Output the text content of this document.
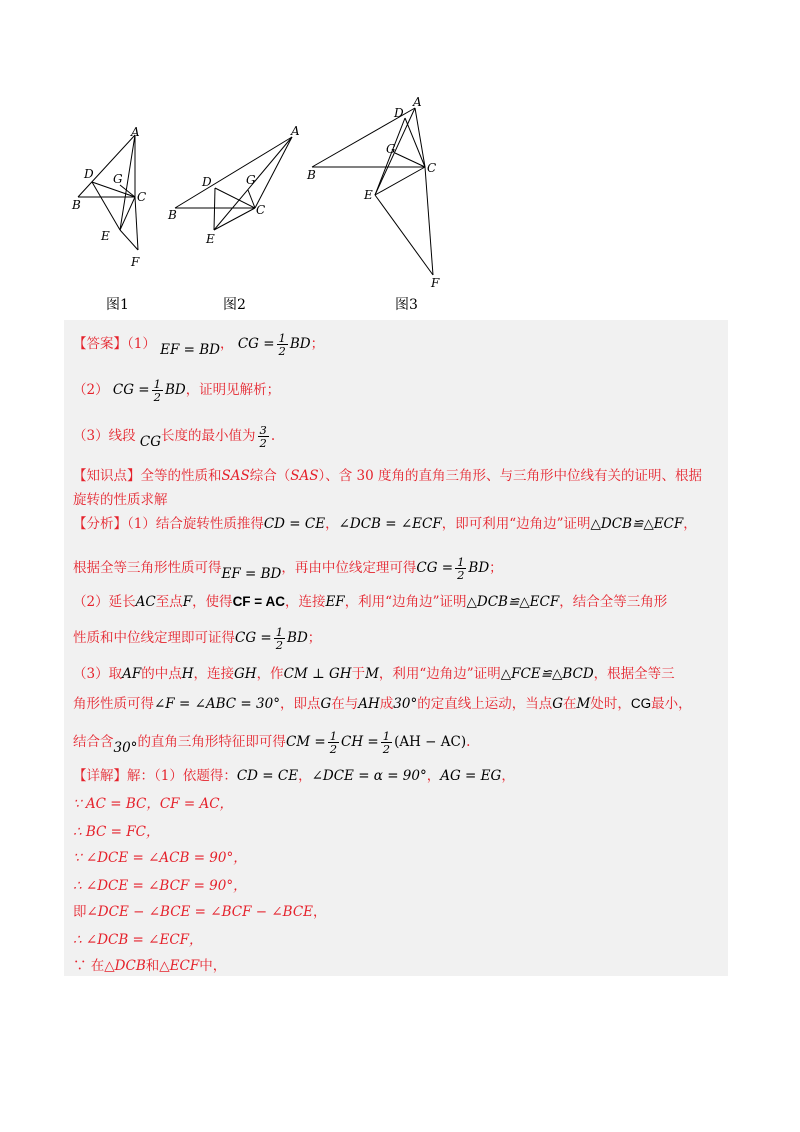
A
D G
C
B
E
F
A
D	G
C
B
E
A
D
G
C
B
E
F
图1	图2	图3
【答案】（1） EF = BD， CG = $\frac{1}{2}$ BD；
（2） CG = $\frac{1}{2}$ BD，证明见解析；
（3）线段 CG长度的最小值为 $\frac{3}{2}$ .
【知识点】全等的性质和SAS综合（SAS）、含 30 度角的直角三角形、与三角形中位线有关的证明、根据
旋转的性质求解
【分析】（1）结合旋转性质推得CD = CE，∠DCB = ∠ECF，即可利用“边角边”证明△DCB≌△ECF，
根据全等三角形性质可得EF = BD，再由中位线定理可得CG = $\frac{1}{2}$ BD；
（2）延长AC至点F，使得CF = AC，连接EF，利用“边角边”证明△DCB≌△ECF，结合全等三角形
性质和中位线定理即可证得CG = $\frac{1}{2}$ BD；
（3）取AF的中点H，连接GH，作CM ⊥ GH于M，利用“边角边”证明△FCE≌△BCD，根据全等三
角形性质可得∠F = ∠ABC = 30°，即点G在与AH成30°的定直线上运动，当点G在M处时，CG最小，
结合含30°的直角三角形特征即可得CM = $\frac{1}{2}$ CH = $\frac{1}{2} (AH - AC)$.
【详解】解：（1）依题得：CD = CE，∠DCE = α = 90°，AG = EG，
∵ AC = BC，CF = AC，
∴ BC = FC，
∵ ∠DCE = ∠ACB = 90°，
∴ ∠DCE = ∠BCF = 90°，
即∠DCE − ∠BCE = ∠BCF − ∠BCE，
∴ ∠DCB = ∠ECF，
∵ 在△DCB和△ECF中，
